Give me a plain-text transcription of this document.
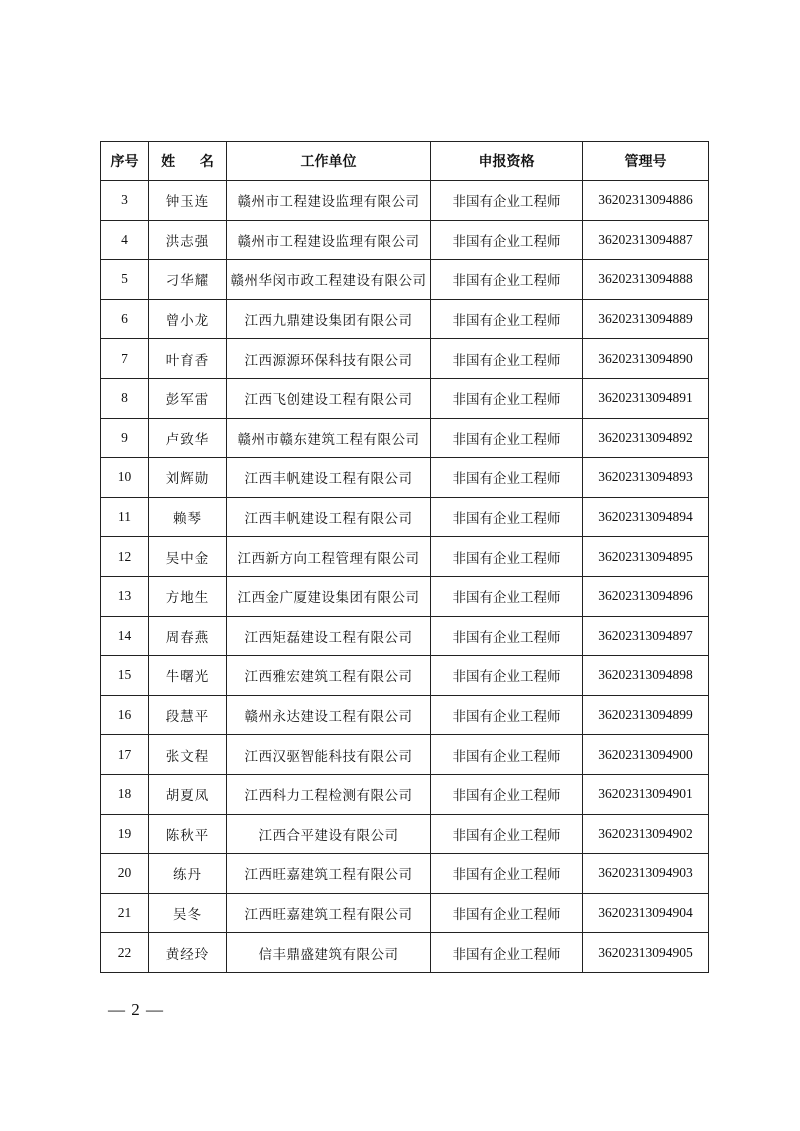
序号	姓 名	工作单位	申报资格	管理号
3	钟玉连	赣州市工程建设监理有限公司	非国有企业工程师	36202313094886
4	洪志强	赣州市工程建设监理有限公司	非国有企业工程师	36202313094887
5	刁华耀	赣州华闵市政工程建设有限公司	非国有企业工程师	36202313094888
6	曾小龙	江西九鼎建设集团有限公司	非国有企业工程师	36202313094889
7	叶育香	江西源源环保科技有限公司	非国有企业工程师	36202313094890
8	彭军雷	江西飞创建设工程有限公司	非国有企业工程师	36202313094891
9	卢致华	赣州市赣东建筑工程有限公司	非国有企业工程师	36202313094892
10	刘辉勋	江西丰帆建设工程有限公司	非国有企业工程师	36202313094893
11	赖琴	江西丰帆建设工程有限公司	非国有企业工程师	36202313094894
12	吴中金	江西新方向工程管理有限公司	非国有企业工程师	36202313094895
13	方地生	江西金广厦建设集团有限公司	非国有企业工程师	36202313094896
14	周春燕	江西矩磊建设工程有限公司	非国有企业工程师	36202313094897
15	牛曙光	江西雅宏建筑工程有限公司	非国有企业工程师	36202313094898
16	段慧平	赣州永达建设工程有限公司	非国有企业工程师	36202313094899
17	张文程	江西汉驱智能科技有限公司	非国有企业工程师	36202313094900
18	胡夏凤	江西科力工程检测有限公司	非国有企业工程师	36202313094901
19	陈秋平	江西合平建设有限公司	非国有企业工程师	36202313094902
20	练丹	江西旺嘉建筑工程有限公司	非国有企业工程师	36202313094903
21	吴冬	江西旺嘉建筑工程有限公司	非国有企业工程师	36202313094904
22	黄经玲	信丰鼎盛建筑有限公司	非国有企业工程师	36202313094905
— 2 —
